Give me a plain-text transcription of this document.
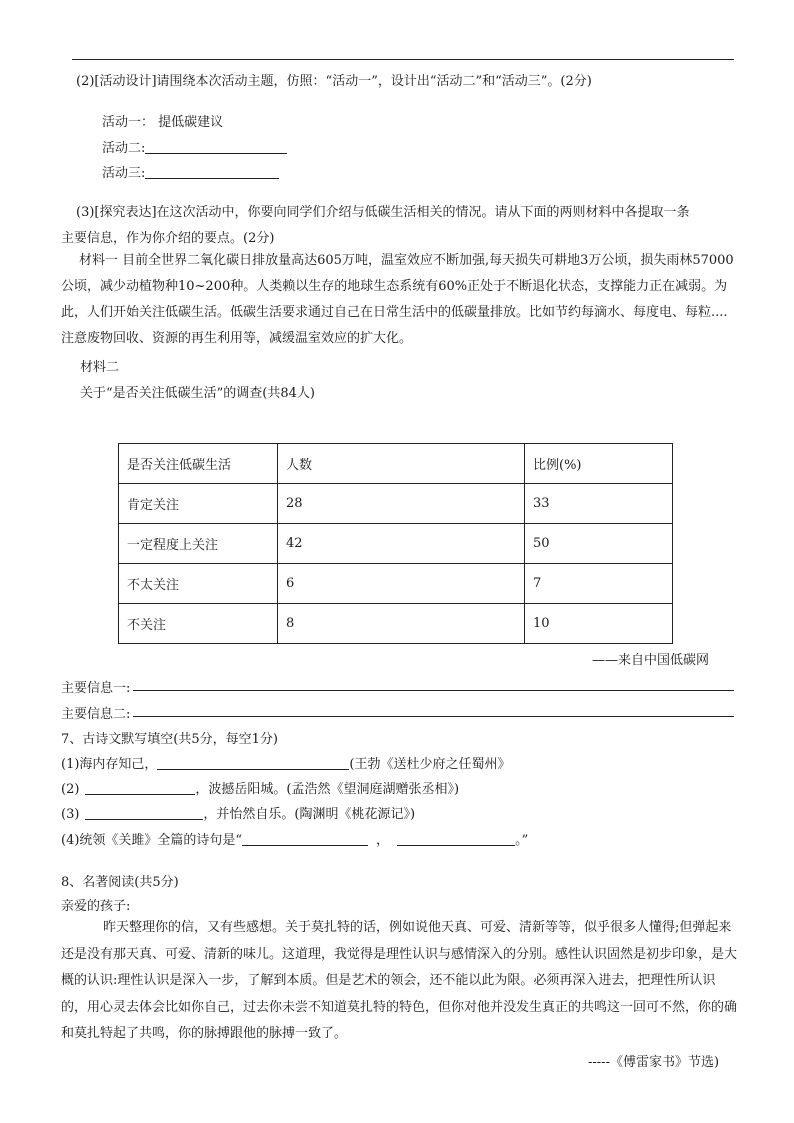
(2)[活动设计]请围绕本次活动主题，仿照：“活动一”，设计出“活动二”和“活动三”。(2分)
活动一： 提低碳建议
活动二:
活动三:
(3)[探究表达]在这次活动中，你要向同学们介绍与低碳生活相关的情况。请从下面的两则材料中各提取一条
主要信息，作为你介绍的要点。(2分)
材料一 目前全世界二氧化碳日排放量高达605万吨，温室效应不断加强,每天损失可耕地3万公顷，损失雨林57000 公顷，减少动植物种10~200种。人类赖以生存的地球生态系统有60%正处于不断退化状态，支撑能力正在减弱。为此，人们开始关注低碳生活。低碳生活要求通过自己在日常生活中的低碳量排放。比如节约每滴水、每度电、每粒....注意废物回收、资源的再生利用等，减缓温室效应的扩大化。
材料二
关于“是否关注低碳生活”的调查(共84人)
是否关注低碳生活	人数	比例(%)
肯定关注	28	33
一定程度上关注	42	50
不太关注	6	7
不关注	8	10
——来自中国低碳网
主要信息一:
主要信息二:
7、古诗文默写填空(共5分，每空1分)
(1)海内存知己，	(王勃《送杜少府之任蜀州》
(2)	，波撼岳阳城。(孟浩然《望洞庭湖赠张丞相》)
(3)	，并怡然自乐。(陶渊明《桃花源记》)
(4)统领《关雎》全篇的诗句是“	，	。”
8、名著阅读(共5分)
亲爱的孩子:
昨天整理你的信，又有些感想。关于莫扎特的话，例如说他天真、可爱、清新等等，似乎很多人懂得;但弹起来还是没有那天真、可爱、清新的味儿。这道理，我觉得是理性认识与感情深入的分别。感性认识固然是初步印象，是大概的认识:理性认识是深入一步，了解到本质。但是艺术的领会，还不能以此为限。必须再深入进去，把理性所认识的，用心灵去体会比如你自己，过去你未尝不知道莫扎特的特色，但你对他并没发生真正的共鸣这一回可不然，你的确和莫扎特起了共鸣，你的脉搏跟他的脉搏一致了。
-----《傅雷家书》节选)
